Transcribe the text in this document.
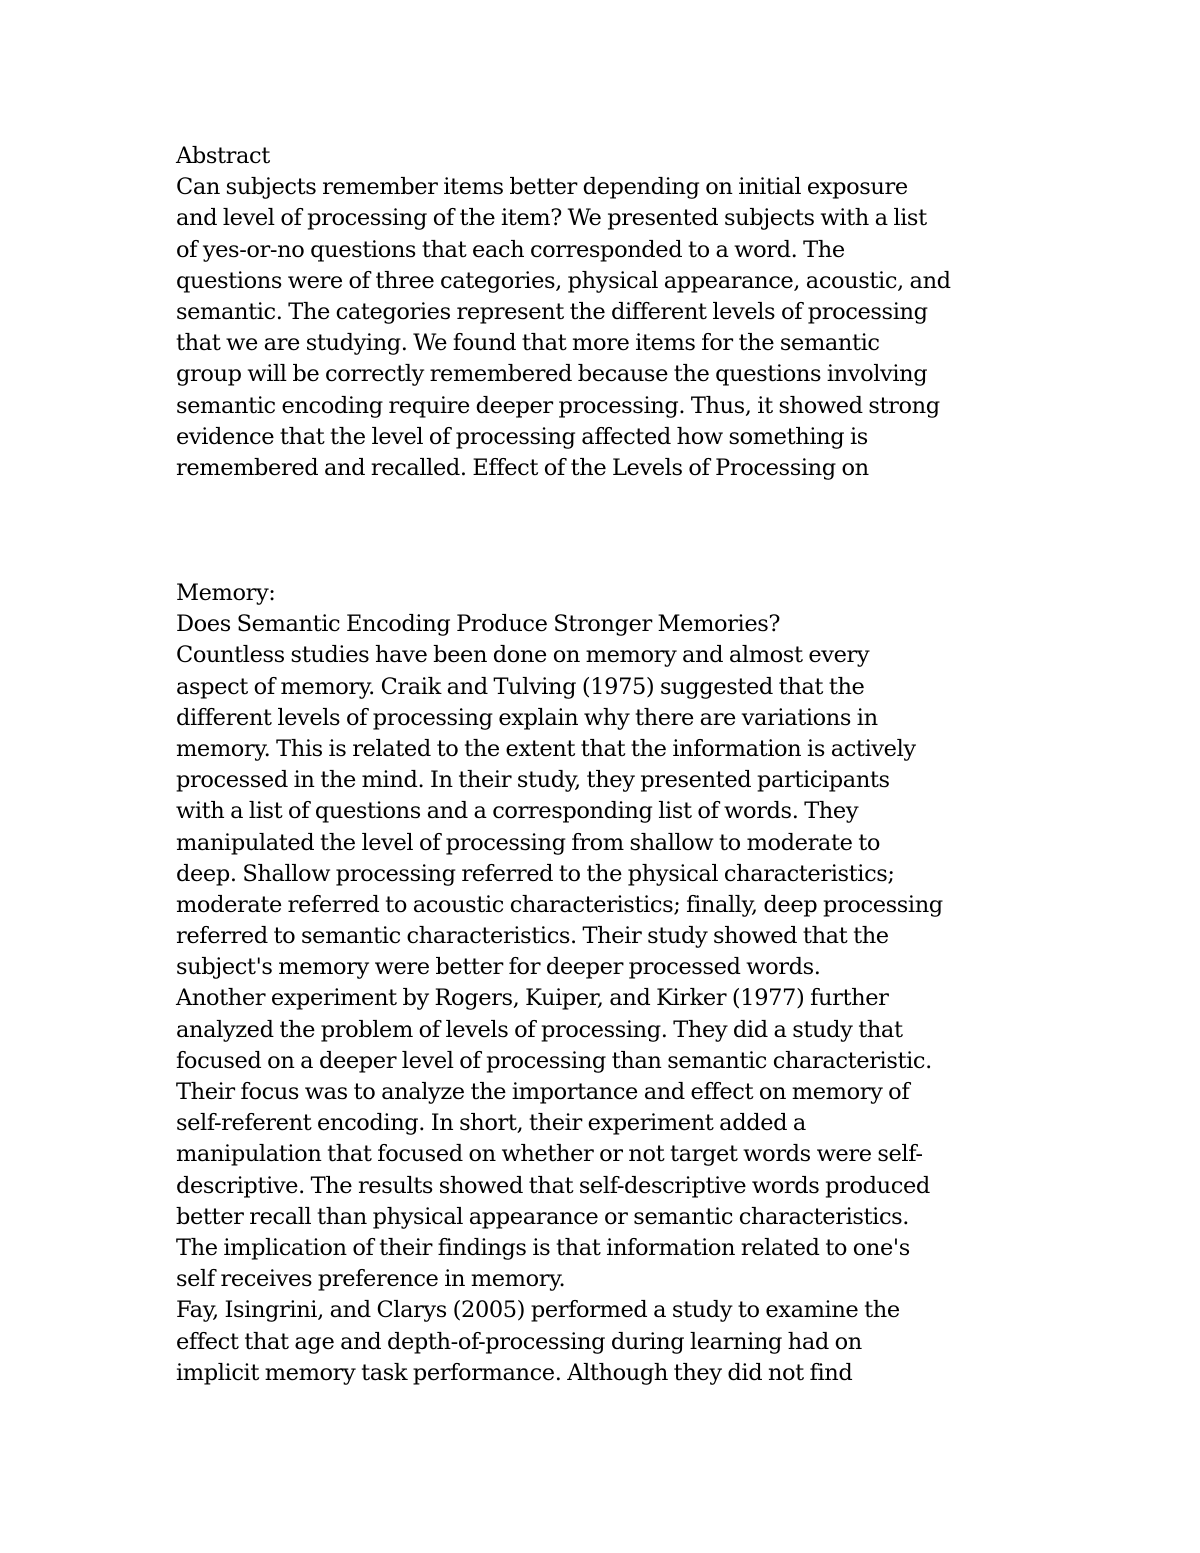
Abstract
Can subjects remember items better depending on initial exposure
and level of processing of the item? We presented subjects with a list
of yes-or-no questions that each corresponded to a word. The
questions were of three categories, physical appearance, acoustic, and
semantic. The categories represent the different levels of processing
that we are studying. We found that more items for the semantic
group will be correctly remembered because the questions involving
semantic encoding require deeper processing. Thus, it showed strong
evidence that the level of processing affected how something is
remembered and recalled. Effect of the Levels of Processing on
Memory:
Does Semantic Encoding Produce Stronger Memories?
Countless studies have been done on memory and almost every
aspect of memory. Craik and Tulving (1975) suggested that the
different levels of processing explain why there are variations in
memory. This is related to the extent that the information is actively
processed in the mind. In their study, they presented participants
with a list of questions and a corresponding list of words. They
manipulated the level of processing from shallow to moderate to
deep. Shallow processing referred to the physical characteristics;
moderate referred to acoustic characteristics; finally, deep processing
referred to semantic characteristics. Their study showed that the
subject's memory were better for deeper processed words.
Another experiment by Rogers, Kuiper, and Kirker (1977) further
analyzed the problem of levels of processing. They did a study that
focused on a deeper level of processing than semantic characteristic.
Their focus was to analyze the importance and effect on memory of
self-referent encoding. In short, their experiment added a
manipulation that focused on whether or not target words were self-
descriptive. The results showed that self-descriptive words produced
better recall than physical appearance or semantic characteristics.
The implication of their findings is that information related to one's
self receives preference in memory.
Fay, Isingrini, and Clarys (2005) performed a study to examine the
effect that age and depth-of-processing during learning had on
implicit memory task performance. Although they did not find
